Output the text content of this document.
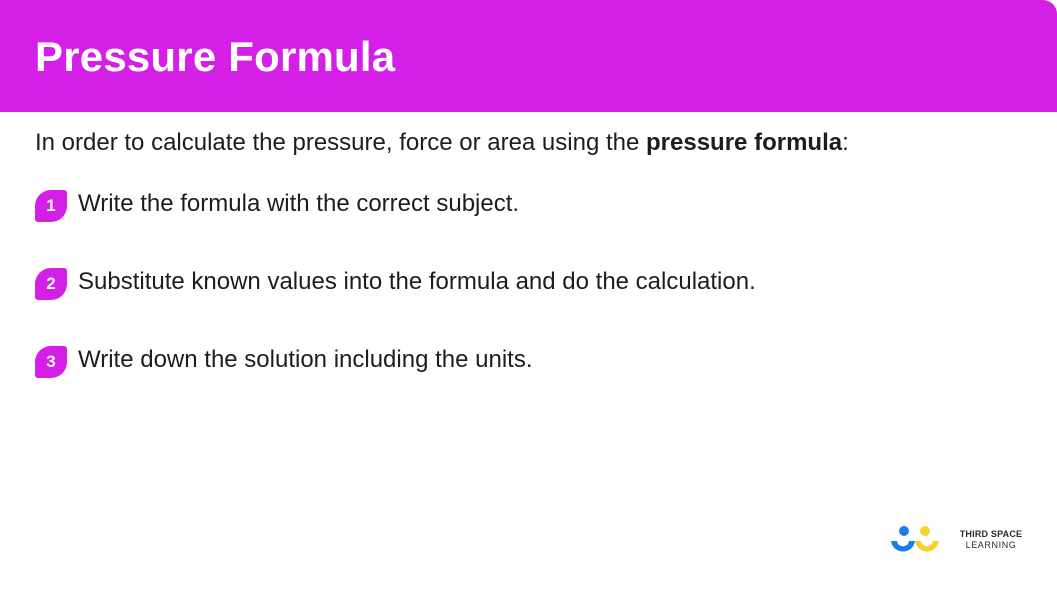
Pressure Formula
In order to calculate the pressure, force or area using the pressure formula:
1 Write the formula with the correct subject.
2 Substitute known values into the formula and do the calculation.
3 Write down the solution including the units.
THIRD SPACE
LEARNING
